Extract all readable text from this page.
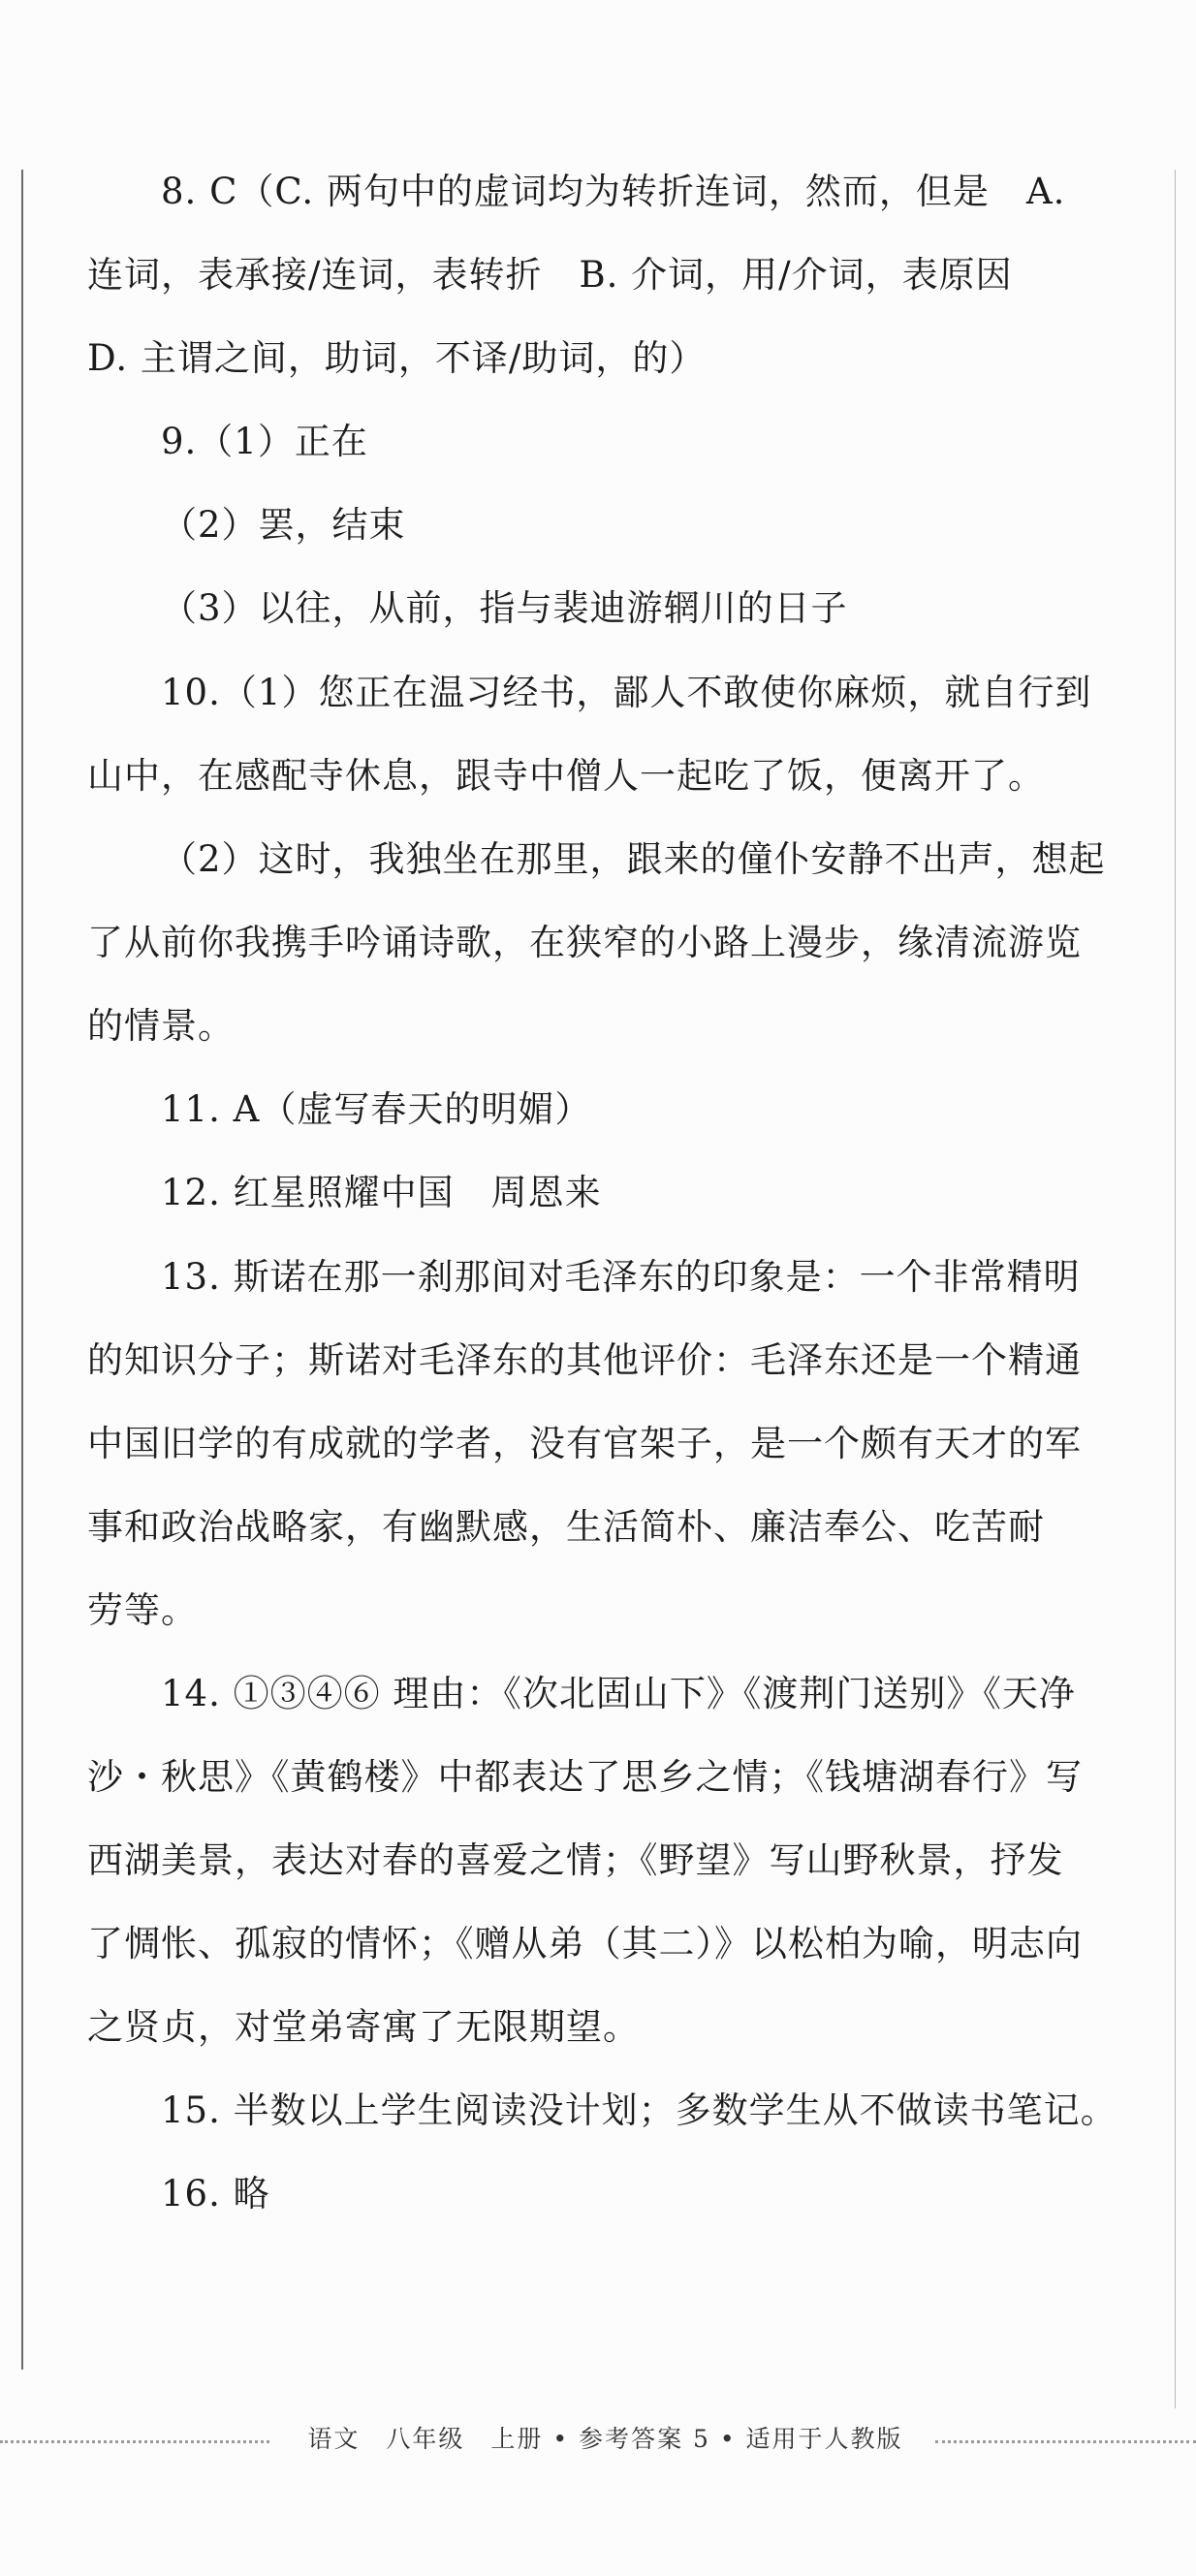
8. C（C. 两句中的虚词均为转折连词，然而，但是　A.
连词，表承接/连词，表转折　B. 介词，用/介词，表原因
D. 主谓之间，助词，不译/助词，的）
9.（1）正在
（2）罢，结束
（3）以往，从前，指与裴迪游辋川的日子
10.（1）您正在温习经书，鄙人不敢使你麻烦，就自行到
山中，在感配寺休息，跟寺中僧人一起吃了饭，便离开了。
（2）这时，我独坐在那里，跟来的僮仆安静不出声，想起
了从前你我携手吟诵诗歌，在狭窄的小路上漫步，缘清流游览
的情景。
11. A（虚写春天的明媚）
12. 红星照耀中国　周恩来
13. 斯诺在那一刹那间对毛泽东的印象是：一个非常精明
的知识分子；斯诺对毛泽东的其他评价：毛泽东还是一个精通
中国旧学的有成就的学者，没有官架子，是一个颇有天才的军
事和政治战略家，有幽默感，生活简朴、廉洁奉公、吃苦耐
劳等。
14. ①③④⑥ 理由：《次北固山下》《渡荆门送别》《天净
沙・秋思》《黄鹤楼》中都表达了思乡之情；《钱塘湖春行》写
西湖美景，表达对春的喜爱之情；《野望》写山野秋景，抒发
了惆怅、孤寂的情怀；《赠从弟（其二）》以松柏为喻，明志向
之贤贞，对堂弟寄寓了无限期望。
15. 半数以上学生阅读没计划；多数学生从不做读书笔记。
16. 略
语文　八年级　上册 • 参考答案 5 • 适用于人教版
